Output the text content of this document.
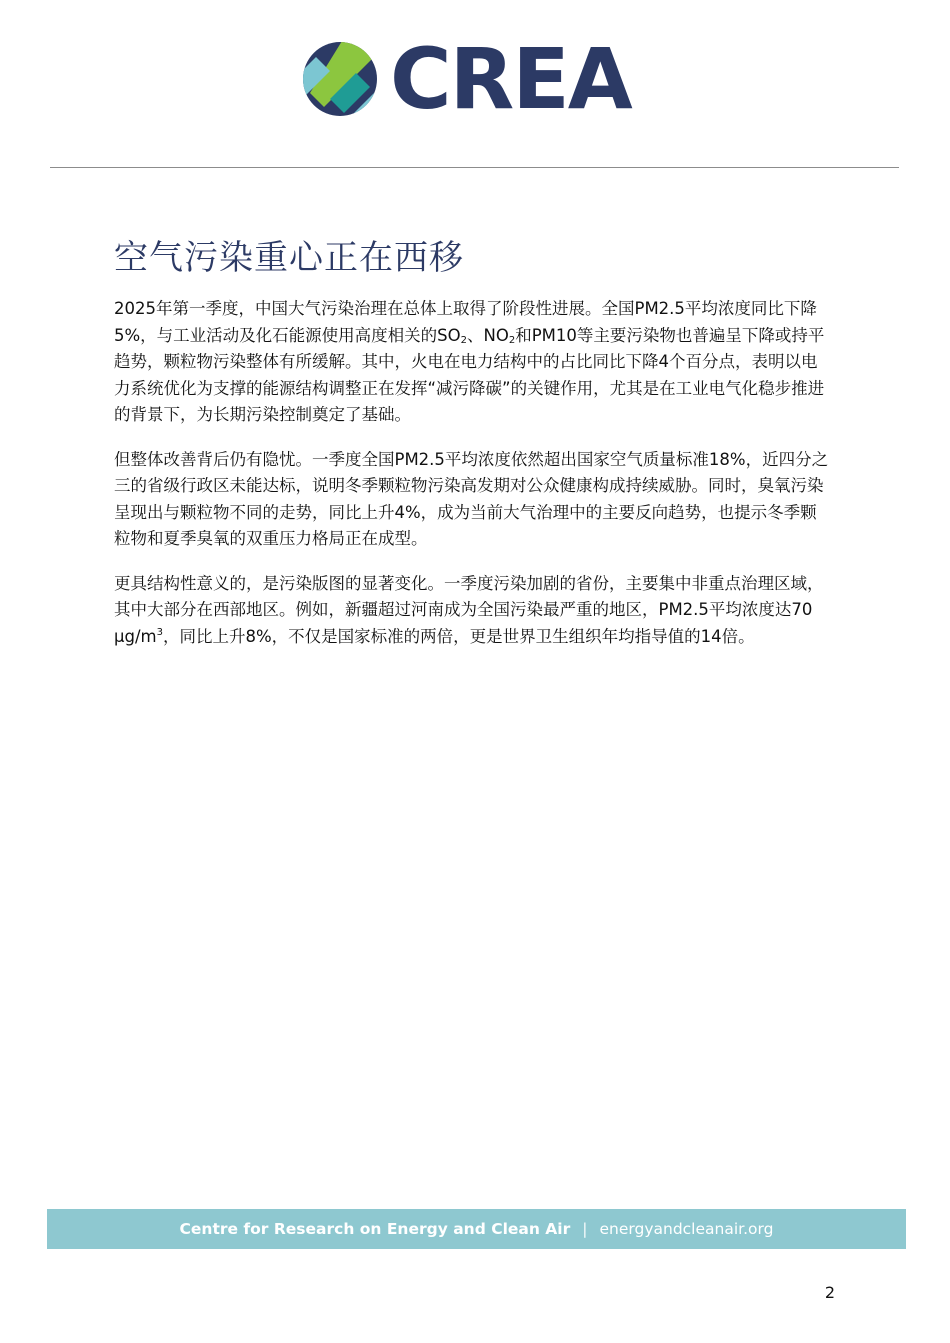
CREA
空气污染重心正在西移

2025年第一季度，中国大气污染治理在总体上取得了阶段性进展。全国PM2.5平均浓度同比下降5%，与工业活动及化石能源使用高度相关的$SO_2$、$NO_2$和PM10等主要污染物也普遍呈下降或持平趋势，颗粒物污染整体有所缓解。其中，火电在电力结构中的占比同比下降4个百分点，表明以电力系统优化为支撑的能源结构调整正在发挥“减污降碳”的关键作用，尤其是在工业电气化稳步推进的背景下，为长期污染控制奠定了基础。

但整体改善背后仍有隐忧。一季度全国PM2.5平均浓度依然超出国家空气质量标准18%，近四分之三的省级行政区未能达标，说明冬季颗粒物污染高发期对公众健康构成持续威胁。同时，臭氧污染呈现出与颗粒物不同的走势，同比上升4%，成为当前大气治理中的主要反向趋势，也提示冬季颗粒物和夏季臭氧的双重压力格局正在成型。

更具结构性意义的，是污染版图的显著变化。一季度污染加剧的省份，主要集中非重点治理区域，其中大部分在西部地区。例如，新疆超过河南成为全国污染最严重的地区，PM2.5平均浓度达70 $\mu g/m^3$，同比上升8%，不仅是国家标准的两倍，更是世界卫生组织年均指导值的14倍。

Centre for Research on Energy and Clean Air | energyandcleanair.org
2
